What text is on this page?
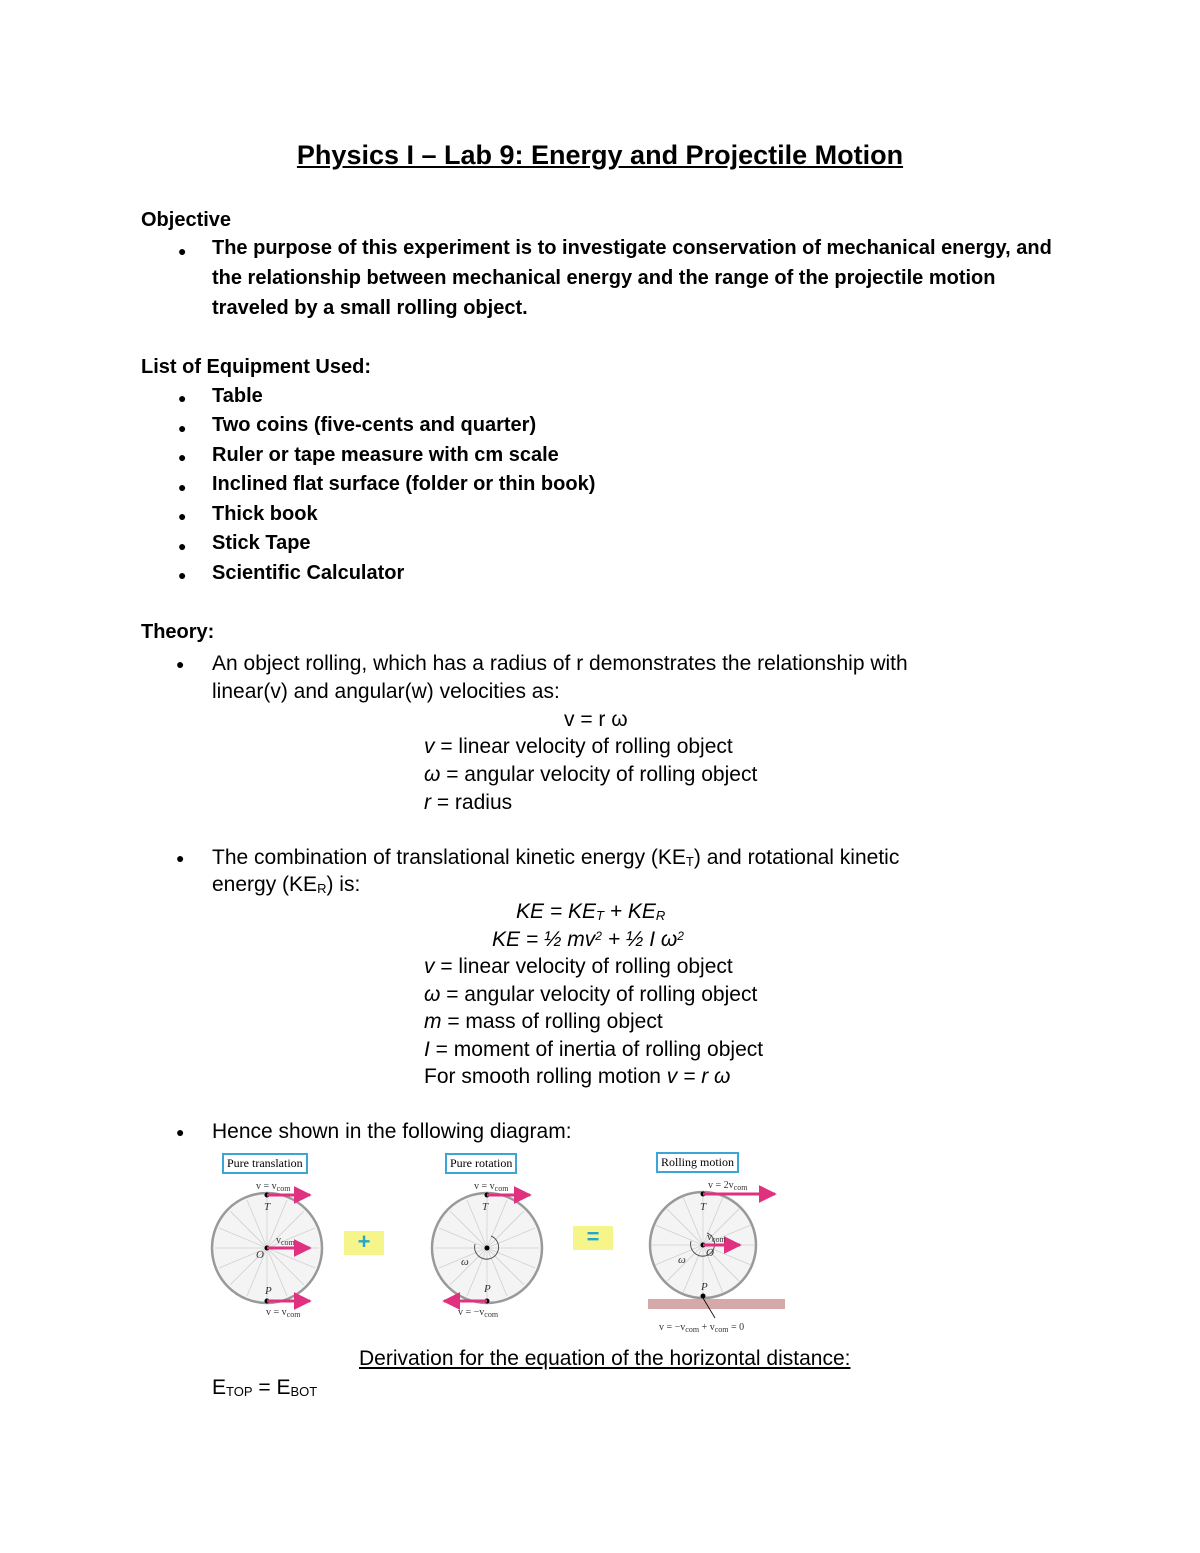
Physics I – Lab 9: Energy and Projectile Motion
Objective
● The purpose of this experiment is to investigate conservation of mechanical energy, and
the relationship between mechanical energy and the range of the projectile motion
traveled by a small rolling object.
List of Equipment Used:
● Table
● Two coins (five-cents and quarter)
● Ruler or tape measure with cm scale
● Inclined flat surface (folder or thin book)
● Thick book
● Stick Tape
● Scientific Calculator
Theory:
● An object rolling, which has a radius of r demonstrates the relationship with
linear(v) and angular(w) velocities as:
v = r ω
v = linear velocity of rolling object
ω = angular velocity of rolling object
r = radius
● The combination of translational kinetic energy $(KE_T)$ and rotational kinetic
energy $(KE_R)$ is:
KE = $KE_T + KE_R$
KE = ½ $mv^2$ + ½ I $\omega^2$
v = linear velocity of rolling object
ω = angular velocity of rolling object
m = mass of rolling object
I = moment of inertia of rolling object
For smooth rolling motion v = r ω
● Hence shown in the following diagram:
Pure translation	Pure rotation	Rolling motion
+	=
T
O
P
T
ω
P
T
O
ω
P
$v = v_{com}$
$v_{com}$
$v = v_{com}$
$v = v_{com}$
$v = -v_{com}$
$v = 2v_{com}$
$v_{com}$
$v = -v_{com} + v_{com} = 0$
Derivation for the equation of the horizontal distance:
$E_{TOP} = E_{BOT}$
